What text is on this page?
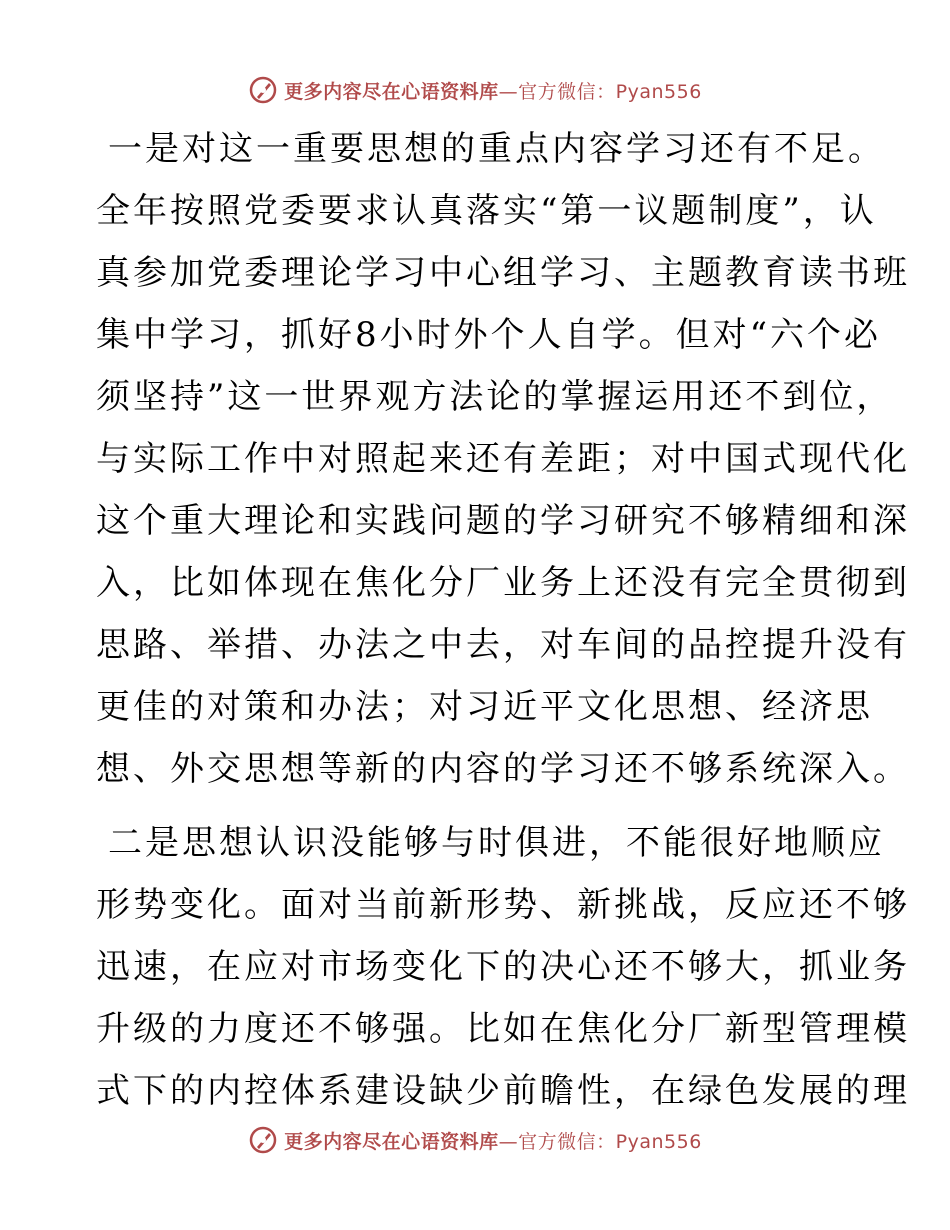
更多内容尽在心语资料库 —官方微信：Pyan556
一是对这一重要思想的重点内容学习还有不足。
全年按照党委要求认真落实“第一议题制度”，认
真参加党委理论学习中心组学习、主题教育读书班
集中学习，抓好8小时外个人自学。但对“六个必
须坚持”这一世界观方法论的掌握运用还不到位，
与实际工作中对照起来还有差距；对中国式现代化
这个重大理论和实践问题的学习研究不够精细和深
入，比如体现在焦化分厂业务上还没有完全贯彻到
思路、举措、办法之中去，对车间的品控提升没有
更佳的对策和办法；对习近平文化思想、经济思
想、外交思想等新的内容的学习还不够系统深入。
二是思想认识没能够与时俱进，不能很好地顺应
形势变化。面对当前新形势、新挑战，反应还不够
迅速，在应对市场变化下的决心还不够大，抓业务
升级的力度还不够强。比如在焦化分厂新型管理模
式下的内控体系建设缺少前瞻性，在绿色发展的理
更多内容尽在心语资料库 —官方微信：Pyan556
